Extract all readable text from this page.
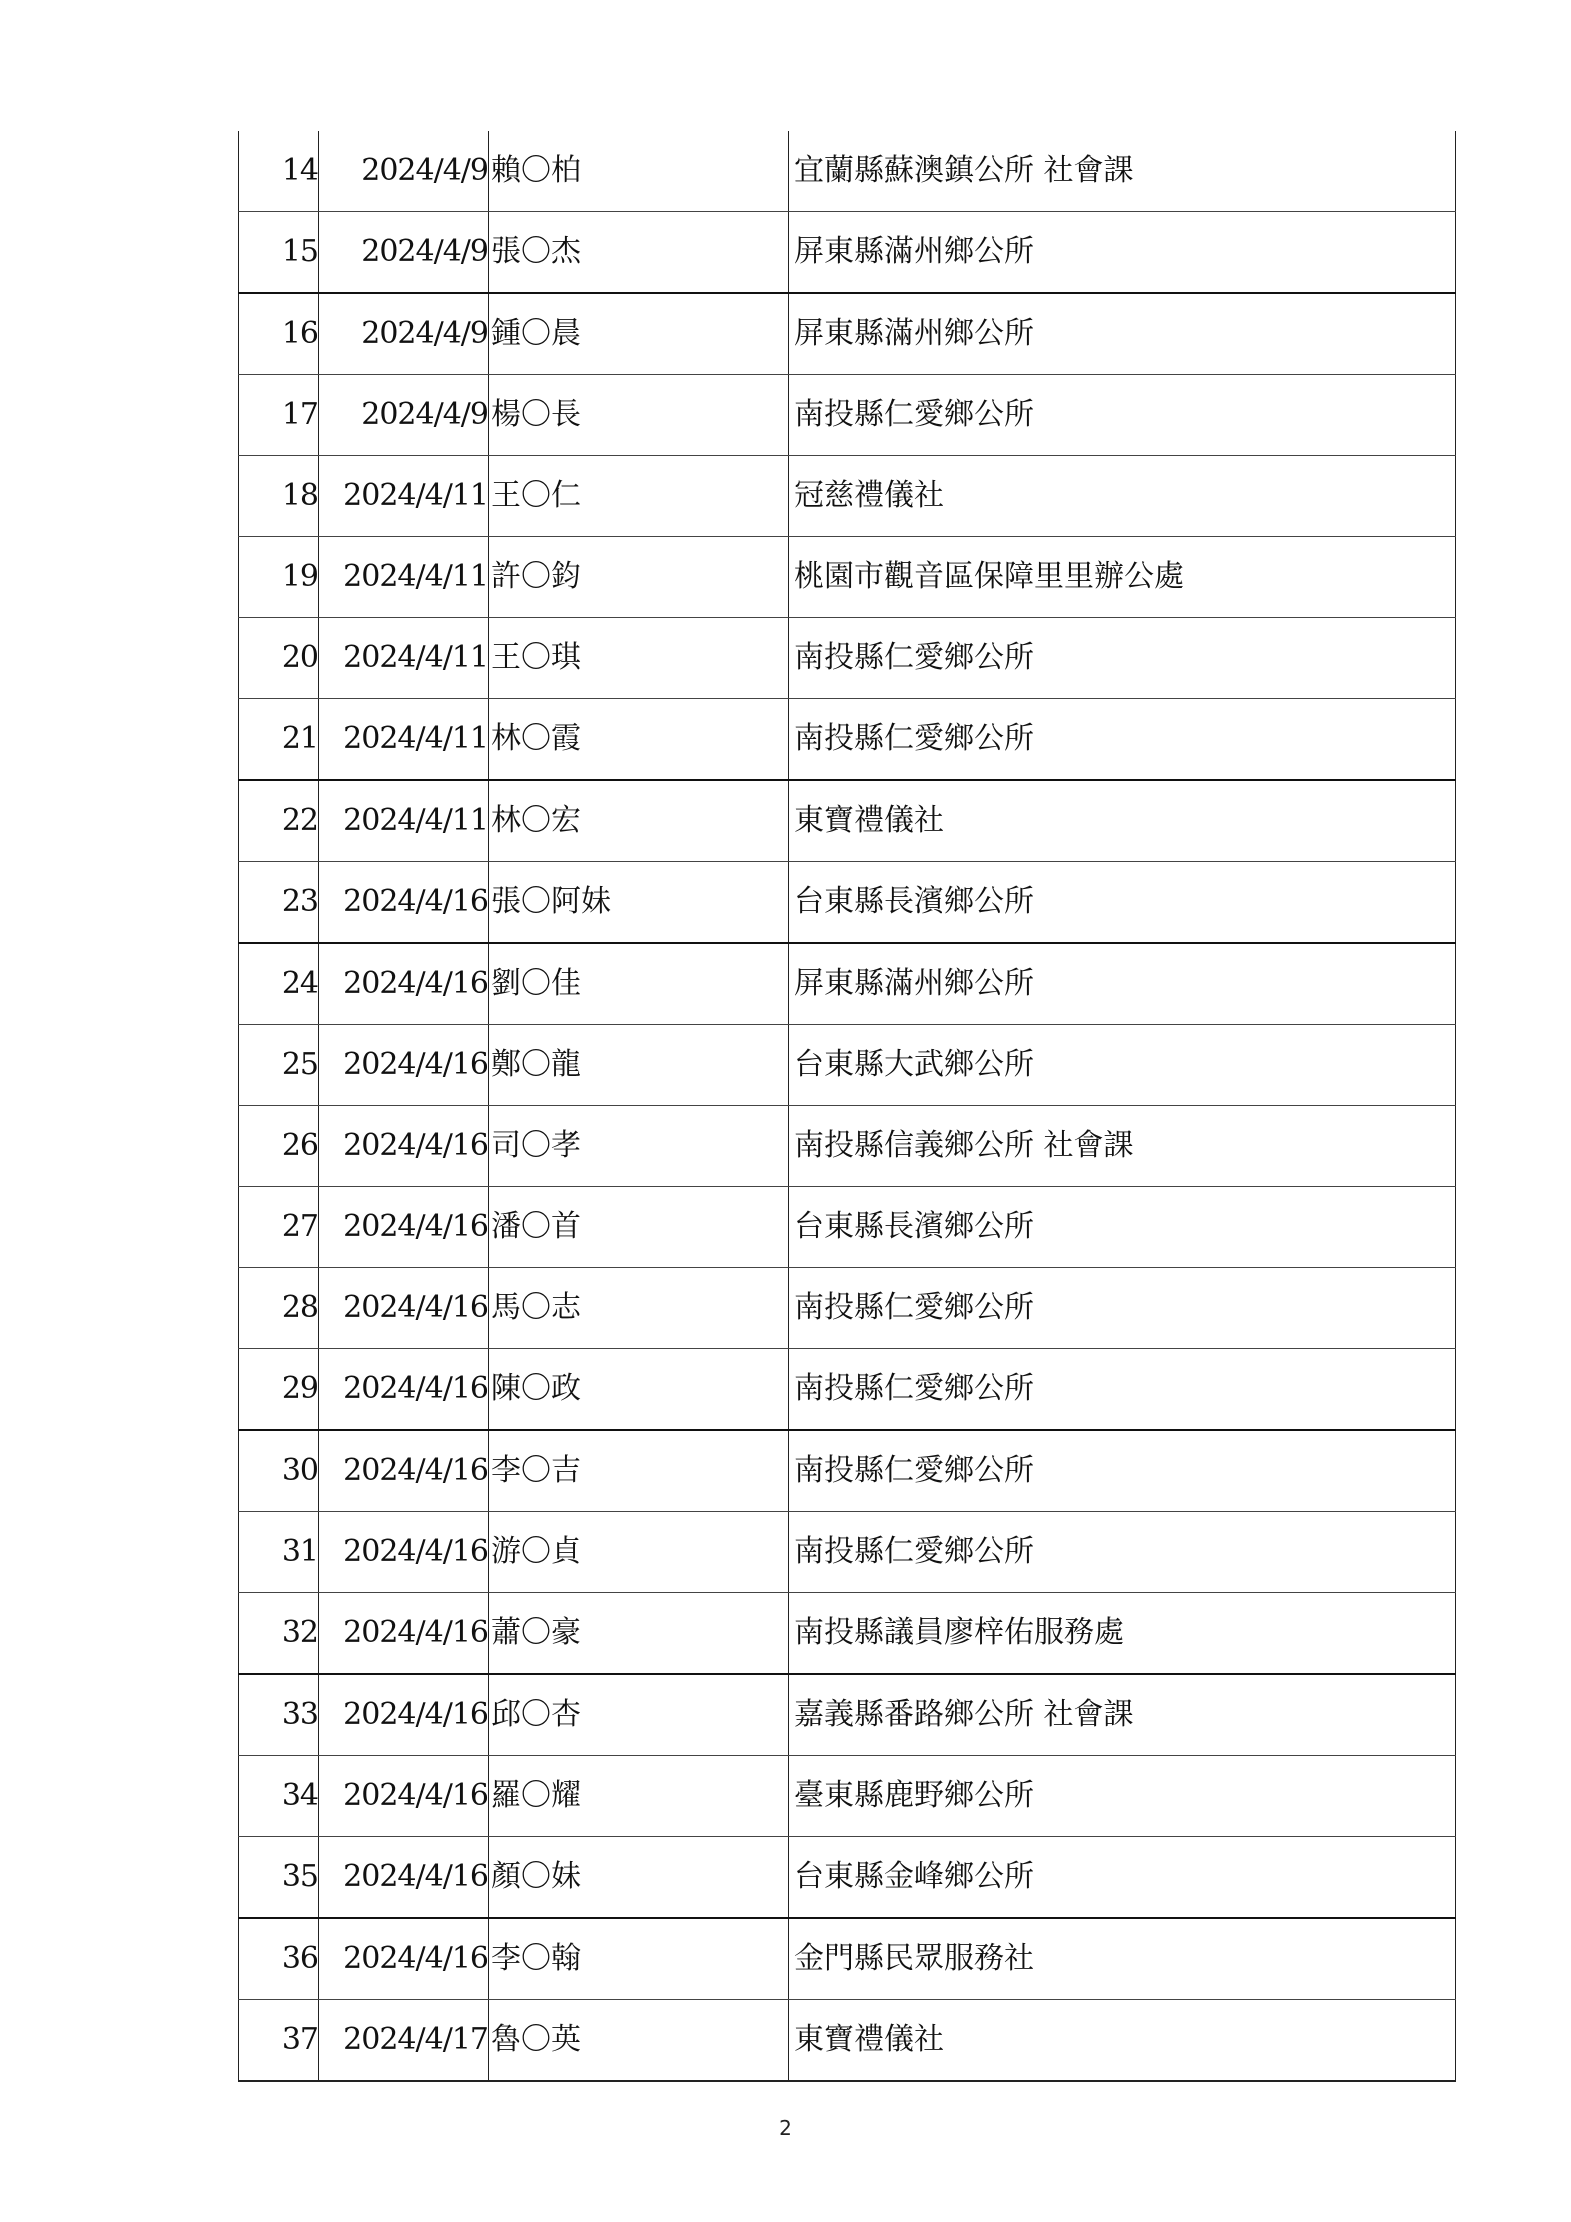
14	2024/4/9	賴〇柏	宜蘭縣蘇澳鎮公所 社會課
15	2024/4/9	張〇杰	屏東縣滿州鄉公所
16	2024/4/9	鍾〇晨	屏東縣滿州鄉公所
17	2024/4/9	楊〇長	南投縣仁愛鄉公所
18	2024/4/11	王〇仁	冠慈禮儀社
19	2024/4/11	許〇鈞	桃園市觀音區保障里里辦公處
20	2024/4/11	王〇琪	南投縣仁愛鄉公所
21	2024/4/11	林〇霞	南投縣仁愛鄉公所
22	2024/4/11	林〇宏	東寶禮儀社
23	2024/4/16	張〇阿妹	台東縣長濱鄉公所
24	2024/4/16	劉〇佳	屏東縣滿州鄉公所
25	2024/4/16	鄭〇龍	台東縣大武鄉公所
26	2024/4/16	司〇孝	南投縣信義鄉公所 社會課
27	2024/4/16	潘〇首	台東縣長濱鄉公所
28	2024/4/16	馬〇志	南投縣仁愛鄉公所
29	2024/4/16	陳〇政	南投縣仁愛鄉公所
30	2024/4/16	李〇吉	南投縣仁愛鄉公所
31	2024/4/16	游〇貞	南投縣仁愛鄉公所
32	2024/4/16	蕭〇豪	南投縣議員廖梓佑服務處
33	2024/4/16	邱〇杏	嘉義縣番路鄉公所 社會課
34	2024/4/16	羅〇耀	臺東縣鹿野鄉公所
35	2024/4/16	顏〇妹	台東縣金峰鄉公所
36	2024/4/16	李〇翰	金門縣民眾服務社
37	2024/4/17	魯〇英	東寶禮儀社
2
